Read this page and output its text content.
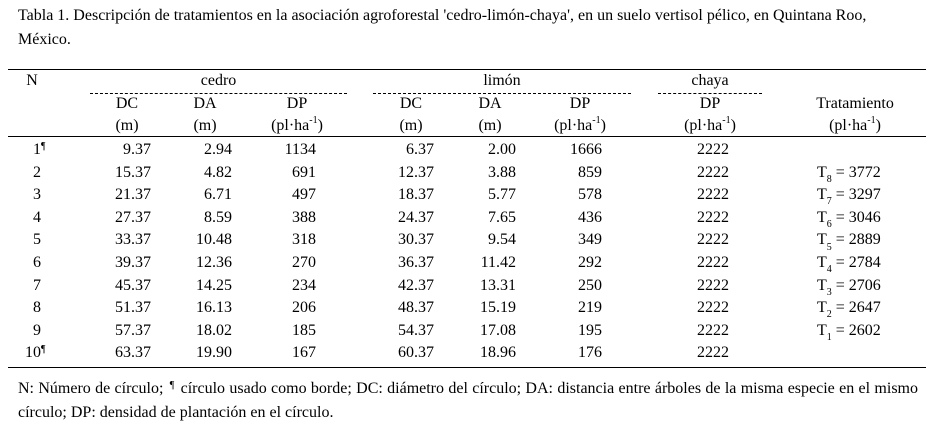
Tabla 1. Descripción de tratamientos en la asociación agroforestal 'cedro-limón-chaya', en un suelo vertisol pélico, en Quintana Roo, México.
N	cedro	limón	chaya
DC	DA	DP	DC	DA	DP	DP	Tratamiento
(m)	(m)	$(pl\cdot ha^{-1})$	(m)	(m)	$(pl\cdot ha^{-1})$	$(pl\cdot ha^{-1})$	$(pl\cdot ha^{-1})$
1 ¶	9.37	2.94	1134	6.37	2.00	1666	2222
2	15.37	4.82	691	12.37	3.88	859	2222	$T_8 = 3772$
3	21.37	6.71	497	18.37	5.77	578	2222	$T_7 = 3297$
4	27.37	8.59	388	24.37	7.65	436	2222	$T_6 = 3046$
5	33.37	10.48	318	30.37	9.54	349	2222	$T_5 = 2889$
6	39.37	12.36	270	36.37	11.42	292	2222	$T_4 = 2784$
7	45.37	14.25	234	42.37	13.31	250	2222	$T_3 = 2706$
8	51.37	16.13	206	48.37	15.19	219	2222	$T_2 = 2647$
9	57.37	18.02	185	54.37	17.08	195	2222	$T_1 = 2602$
10 ¶	63.37	19.90	167	60.37	18.96	176	2222
N: Número de círculo; ¶ círculo usado como borde; DC: diámetro del círculo; DA: distancia entre árboles de la misma especie en el mismo círculo; DP: densidad de plantación en el círculo.
